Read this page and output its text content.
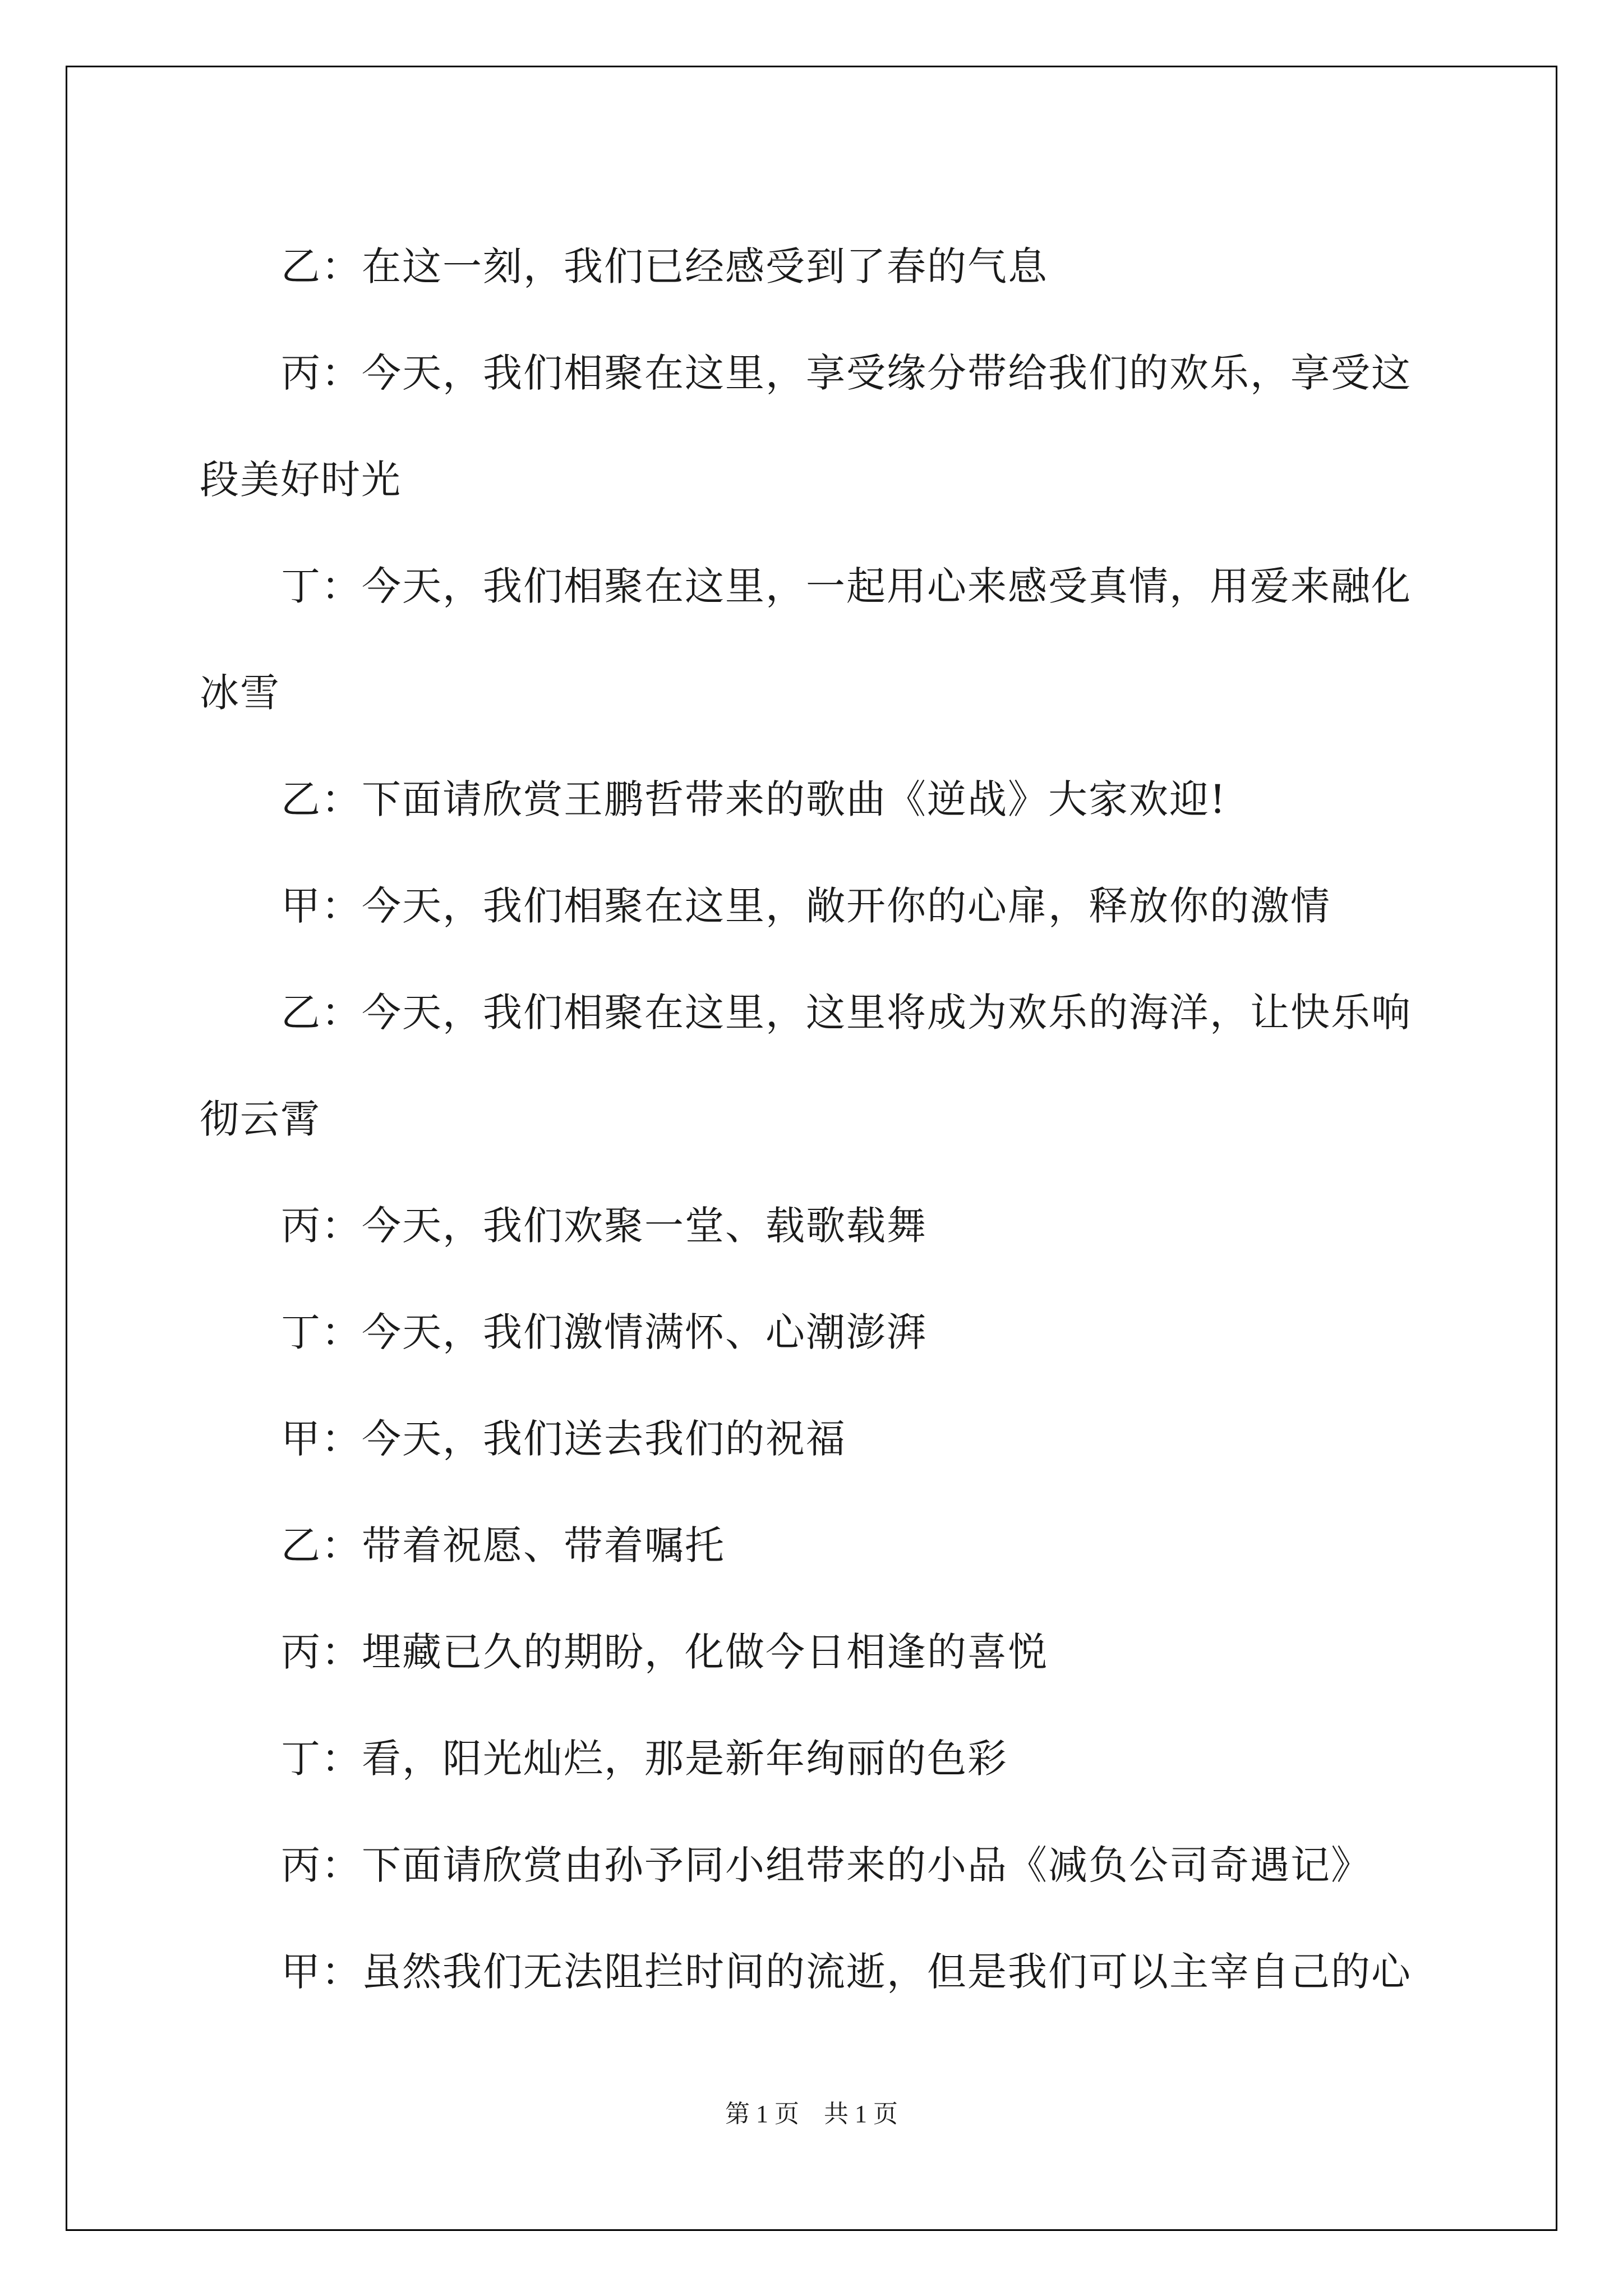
乙：在这一刻，我们已经感受到了春的气息

丙：今天，我们相聚在这里，享受缘分带给我们的欢乐，享受这段美好时光

丁：今天，我们相聚在这里，一起用心来感受真情，用爱来融化冰雪

乙：下面请欣赏王鹏哲带来的歌曲《逆战》大家欢迎!

甲：今天，我们相聚在这里，敞开你的心扉，释放你的激情

乙：今天，我们相聚在这里，这里将成为欢乐的海洋，让快乐响彻云霄

丙：今天，我们欢聚一堂、载歌载舞

丁：今天，我们激情满怀、心潮澎湃

甲：今天，我们送去我们的祝福

乙：带着祝愿、带着嘱托

丙：埋藏已久的期盼，化做今日相逢的喜悦

丁：看，阳光灿烂，那是新年绚丽的色彩

丙：下面请欣赏由孙予同小组带来的小品《减负公司奇遇记》

甲：虽然我们无法阻拦时间的流逝，但是我们可以主宰自己的心

第 1 页　共 1 页
